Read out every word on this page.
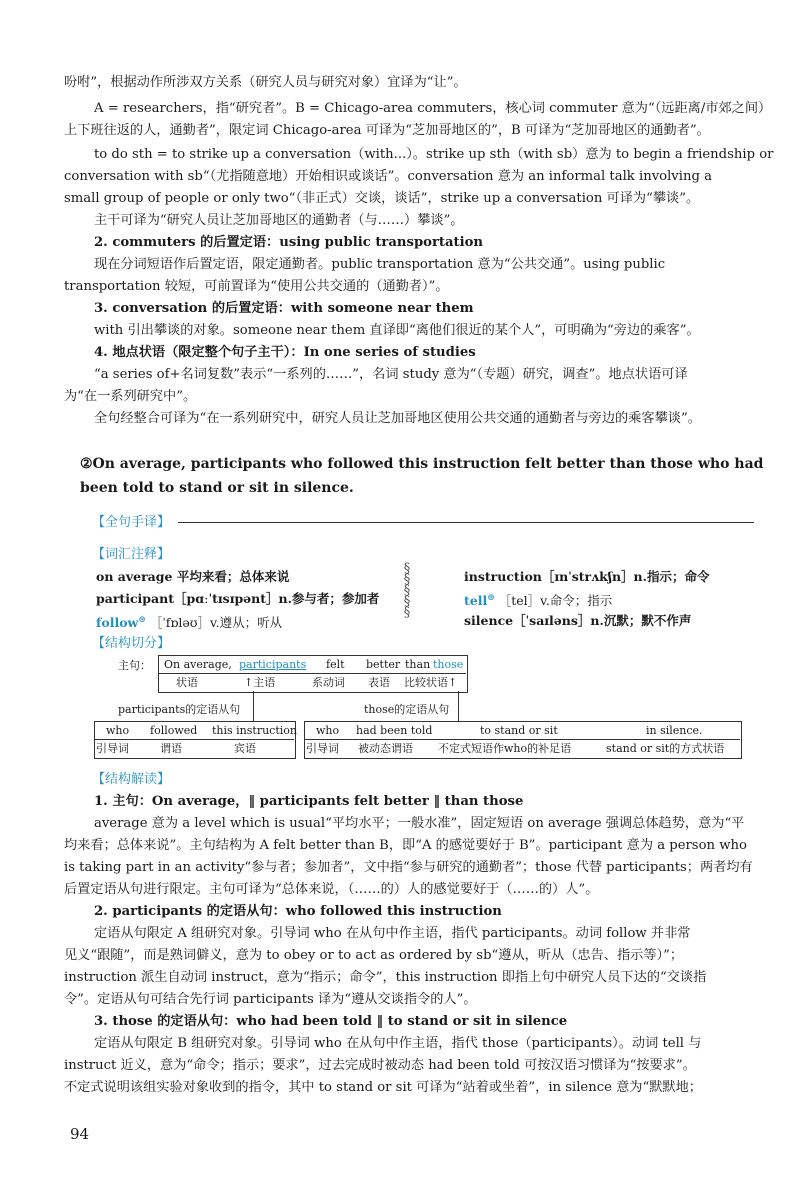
吩咐”，根据动作所涉双方关系（研究人员与研究对象）宜译为“让”。

A = researchers，指“研究者”。B = Chicago-area commuters，核心词 commuter 意为“（远距离/市郊之间）

上下班往返的人，通勤者”，限定词 Chicago-area 可译为“芝加哥地区的”，B 可译为“芝加哥地区的通勤者”。

to do sth = to strike up a conversation（with...）。strike up sth（with sb）意为 to begin a friendship or

conversation with sb“（尤指随意地）开始相识或谈话”。conversation 意为 an informal talk involving a

small group of people or only two“（非正式）交谈，谈话”，strike up a conversation 可译为“攀谈”。

主干可译为“研究人员让芝加哥地区的通勤者（与……）攀谈”。

2. commuters 的后置定语：using public transportation

现在分词短语作后置定语，限定通勤者。public transportation 意为“公共交通”。using public

transportation 较短，可前置译为“使用公共交通的（通勤者）”。

3. conversation 的后置定语：with someone near them

with 引出攀谈的对象。someone near them 直译即“离他们很近的某个人”，可明确为“旁边的乘客”。

4. 地点状语（限定整个句子主干）：In one series of studies

“a series of+名词复数”表示“一系列的……”，名词 study 意为“（专题）研究，调查”。地点状语可译

为“在一系列研究中”。

全句经整合可译为“在一系列研究中，研究人员让芝加哥地区使用公共交通的通勤者与旁边的乘客攀谈”。

②On average, participants who followed this instruction felt better than those who had been told to stand or sit in silence.
【全句手译】
【词汇注释】
on average 平均来看；总体来说
participant［pɑːˈtɪsɪpənt］n.参与者；参加者
follow⊛ ［ˈfɒləʊ］v.遵从；听从
§
§
§
§
§
instruction［ɪnˈstrʌkʃn］n.指示；命令
tell⊛ ［tel］v.命令；指示
silence［ˈsaɪləns］n.沉默；默不作声
【结构切分】
主句： On average, participants felt better than those
状语	↑主语	系动词 表语 比较状语↑
participants的定语从句	those的定语从句
who followed this instruction
引导词	谓语	宾语
who had been told	to stand or sit	in silence.
引导词 被动态谓语 不定式短语作who的补足语	stand or sit的方式状语
【结构解读】

1. 主句：On average，‖ participants felt better ‖ than those

average 意为 a level which is usual“平均水平；一般水准”，固定短语 on average 强调总体趋势，意为“平

均来看；总体来说”。主句结构为 A felt better than B，即“A 的感觉要好于 B”。participant 意为 a person who

is taking part in an activity“参与者；参加者”，文中指“参与研究的通勤者”；those 代替 participants；两者均有

后置定语从句进行限定。主句可译为“总体来说，（……的）人的感觉要好于（……的）人”。

2. participants 的定语从句：who followed this instruction

定语从句限定 A 组研究对象。引导词 who 在从句中作主语，指代 participants。动词 follow 并非常

见义“跟随”，而是熟词僻义，意为 to obey or to act as ordered by sb“遵从，听从（忠告、指示等）”；

instruction 派生自动词 instruct，意为“指示；命令”，this instruction 即指上句中研究人员下达的“交谈指

令”。定语从句可结合先行词 participants 译为“遵从交谈指令的人”。

3. those 的定语从句：who had been told ‖ to stand or sit in silence

定语从句限定 B 组研究对象。引导词 who 在从句中作主语，指代 those（participants）。动词 tell 与

instruct 近义，意为“命令；指示；要求”，过去完成时被动态 had been told 可按汉语习惯译为“按要求”。

不定式说明该组实验对象收到的指令，其中 to stand or sit 可译为“站着或坐着”，in silence 意为“默默地；

94
